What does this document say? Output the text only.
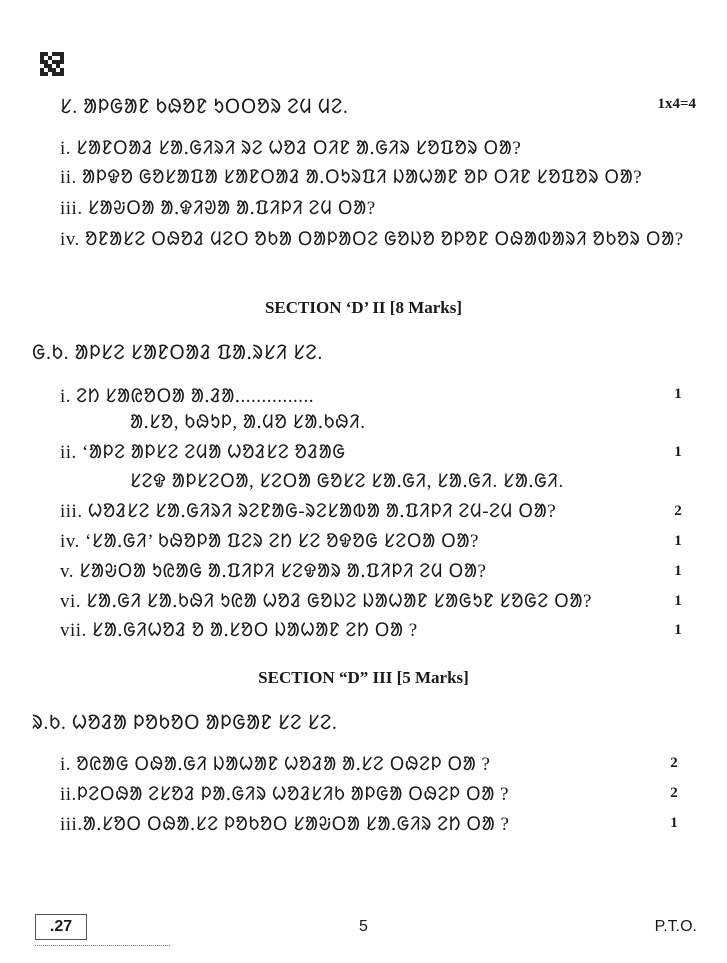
ᱥ. ᱟᱞᱜᱟᱱ ᱠᱷᱚᱱ ᱩᱛᱛᱚᱨ ᱮᱢ ᱢᱮ.	1x4=4
i. ᱥᱟᱱᱛᱟᱲ ᱥᱟᱹᱜᱤᱨᱤ ᱨᱮ ᱦᱚᱲ ᱛᱤᱱ ᱟᱹᱜᱤᱨ ᱥᱚᱯᱚᱨ ᱛᱟ?
ii. ᱟᱞᱫᱚ ᱜᱚᱥᱟᱯᱟ ᱥᱟᱱᱛᱟᱲ ᱟᱹᱛᱩᱨᱯᱤ ᱡᱟᱦᱟᱱ ᱚᱞ ᱛᱤᱱ ᱥᱚᱯᱚᱨ ᱛᱟ?
iii. ᱥᱟᱶᱛᱟ ᱟᱹᱫᱤᱣᱟ ᱟᱹᱯᱤᱞᱤ ᱮᱢ ᱛᱟ?
iv. ᱚᱱᱟᱥᱮ ᱛᱷᱚᱲ ᱢᱮᱛ ᱚᱠᱟ ᱛᱟᱞᱟᱛᱮ ᱜᱚᱡᱚ ᱚᱞᱚᱱ ᱛᱷᱟᱵᱟᱨᱤ ᱚᱠᱚᱨ ᱛᱟ?
SECTION ‘D’ II [8 Marks]
ᱜ.ᱠ. ᱟᱞᱥᱮ ᱥᱟᱱᱛᱟᱲ ᱯᱟᱹᱨᱥᱤ ᱥᱮ.
i. ᱮᱴ ᱥᱟᱭᱚᱛᱟ ᱟᱹᱲᱟᱹ..............	1
ᱟᱹᱥᱚ, ᱠᱷᱩᱞ, ᱟᱹᱢᱚ ᱥᱟᱹᱠᱷᱤ.
ii. ‘ᱟᱞᱮ ᱟᱞᱥᱮ ᱮᱢᱟ ᱦᱚᱲᱥᱮ ᱚᱲᱟᱜ	1
ᱥᱮᱫ ᱟᱞᱥᱮᱛᱟ, ᱥᱮᱛᱟ ᱜᱚᱥᱮ ᱥᱟᱹᱜᱤ, ᱥᱟᱹᱜᱤ. ᱥᱟᱹᱜᱤ.
iii. ᱦᱚᱲᱥᱮ ᱥᱟᱹᱜᱤᱨᱤ ᱨᱮᱱᱟᱜ-ᱨᱮᱥᱟᱵᱟ ᱟᱹᱯᱤᱞᱤ ᱮᱢ-ᱮᱢ ᱛᱟ?	2
iv. ‘ᱥᱟᱹᱜᱤ’ ᱠᱷᱚᱞᱟ ᱯᱮᱨ ᱮᱴ ᱥᱮ ᱚᱫᱚᱜ ᱥᱮᱛᱟ ᱛᱟ?	1
v. ᱥᱟᱶᱛᱟ ᱩᱭᱟᱜ ᱟᱹᱯᱤᱞᱤ ᱥᱮᱫᱟᱨ ᱟᱹᱯᱤᱞᱤ ᱮᱢ ᱛᱟ?	1
vi. ᱥᱟᱹᱜᱤ ᱥᱟᱹᱠᱷᱤ ᱩᱭᱟ ᱦᱚᱲ ᱜᱚᱡᱮ ᱡᱟᱦᱟᱱ ᱥᱟᱜᱩᱱ ᱥᱚᱜᱮ ᱛᱟ?	1
vii. ᱥᱟᱹᱜᱤᱦᱚᱲ ᱚ ᱟᱹᱥᱚᱛ ᱡᱟᱦᱟᱱ ᱮᱴ ᱛᱟ ?	1
SECTION “D” III [5 Marks]
ᱨ.ᱠ. ᱦᱚᱲᱟ ᱞᱚᱠᱚᱛ ᱟᱞᱜᱟᱱ ᱥᱮ ᱥᱮ.
i. ᱚᱭᱟᱜ ᱛᱷᱟᱹᱜᱤ ᱡᱟᱦᱟᱱ ᱦᱚᱲᱟ ᱟᱹᱥᱮ ᱛᱷᱮᱞ ᱛᱟ ?	2
ii.ᱞᱮᱛᱷᱟ ᱮᱥᱚᱲ ᱞᱟᱹᱜᱤᱨ ᱦᱚᱲᱥᱤᱠ ᱟᱞᱜᱟ ᱛᱷᱮᱞ ᱛᱟ ?	2
iii.ᱟᱹᱥᱚᱛ ᱛᱷᱟᱹᱥᱮ ᱞᱚᱠᱚᱛ ᱥᱟᱶᱛᱟ ᱥᱟᱹᱜᱤᱨ ᱮᱴ ᱛᱟ ?	1
.27	5	P.T.O.
